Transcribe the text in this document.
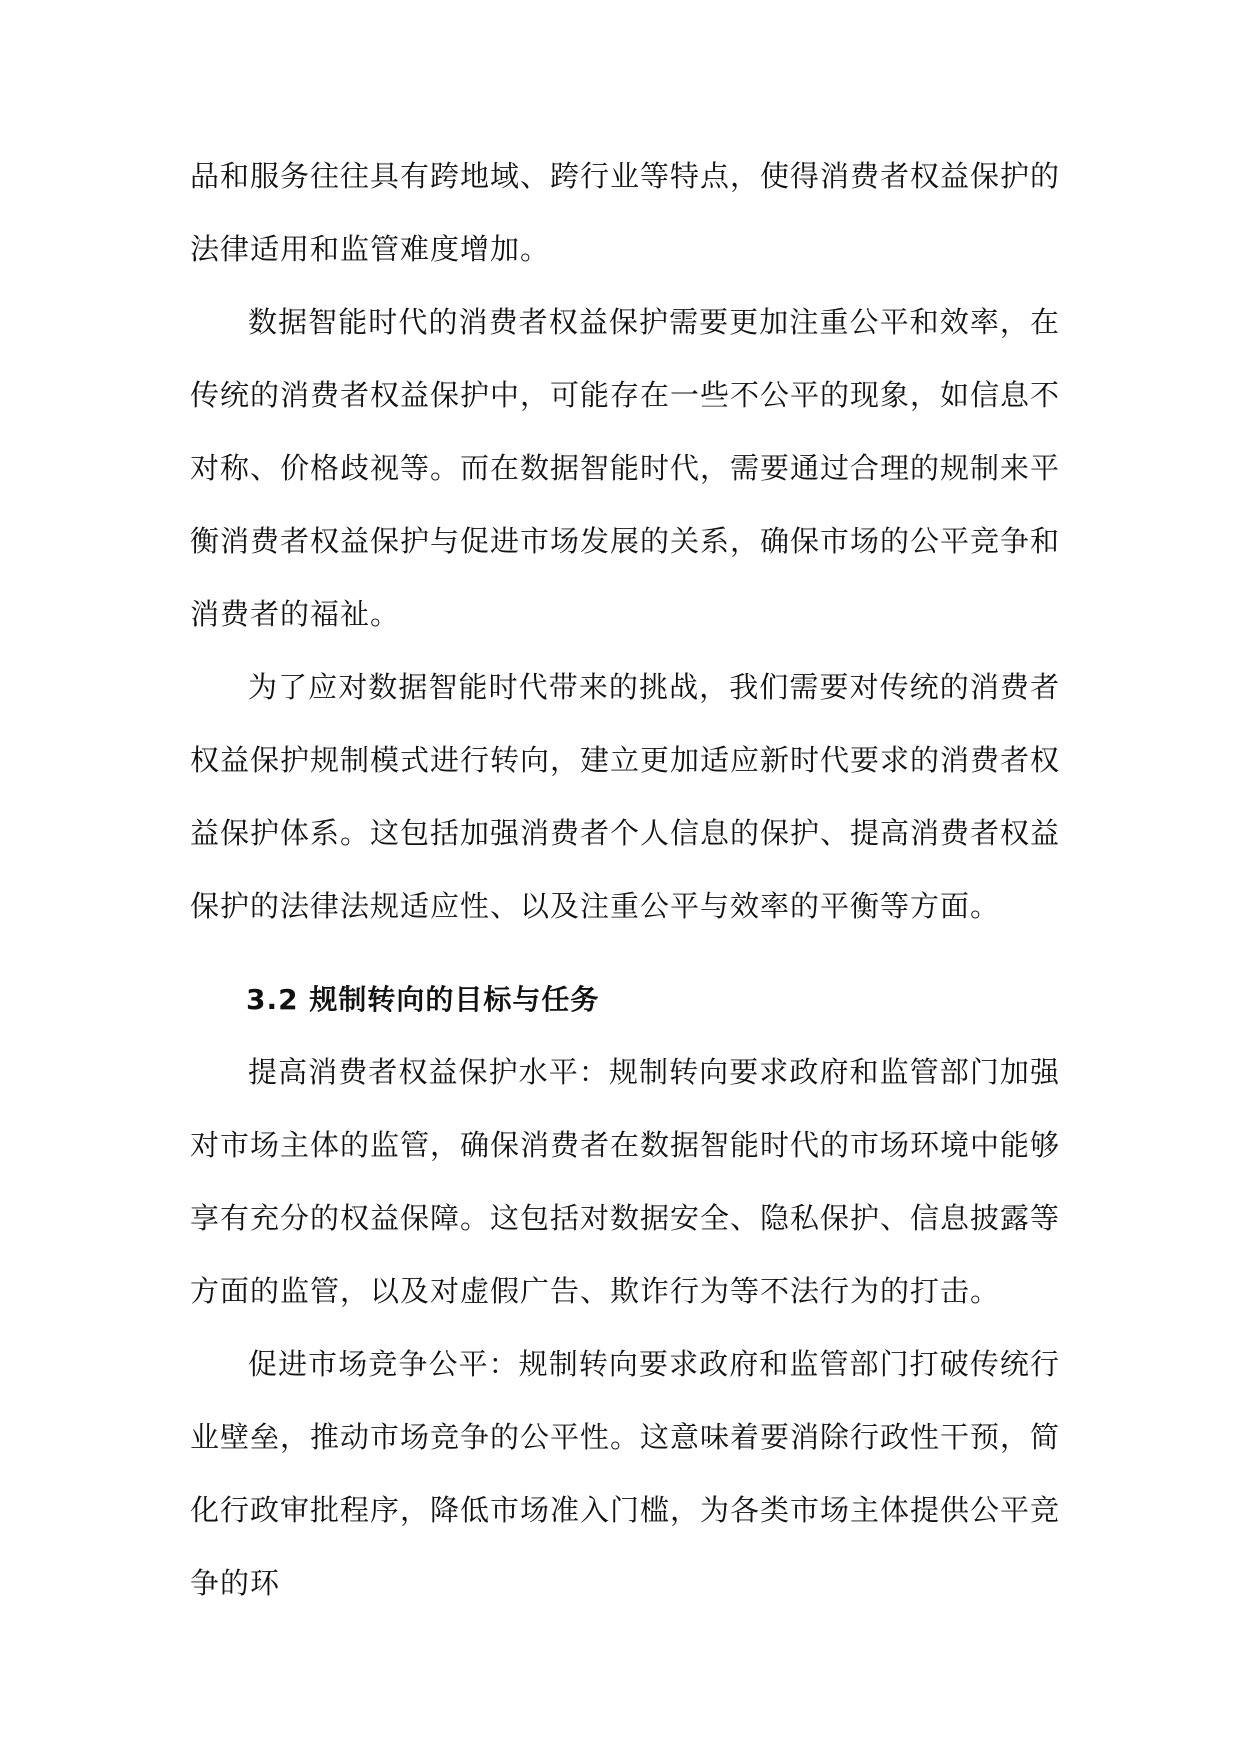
品和服务往往具有跨地域、跨行业等特点，使得消费者权益保护的法律适用和监管难度增加。

数据智能时代的消费者权益保护需要更加注重公平和效率，在传统的消费者权益保护中，可能存在一些不公平的现象，如信息不对称、价格歧视等。而在数据智能时代，需要通过合理的规制来平衡消费者权益保护与促进市场发展的关系，确保市场的公平竞争和消费者的福祉。

为了应对数据智能时代带来的挑战，我们需要对传统的消费者权益保护规制模式进行转向，建立更加适应新时代要求的消费者权益保护体系。这包括加强消费者个人信息的保护、提高消费者权益保护的法律法规适应性、以及注重公平与效率的平衡等方面。

3.2 规制转向的目标与任务

提高消费者权益保护水平：规制转向要求政府和监管部门加强对市场主体的监管，确保消费者在数据智能时代的市场环境中能够享有充分的权益保障。这包括对数据安全、隐私保护、信息披露等方面的监管，以及对虚假广告、欺诈行为等不法行为的打击。

促进市场竞争公平：规制转向要求政府和监管部门打破传统行业壁垒，推动市场竞争的公平性。这意味着要消除行政性干预，简化行政审批程序，降低市场准入门槛，为各类市场主体提供公平竞争的环
